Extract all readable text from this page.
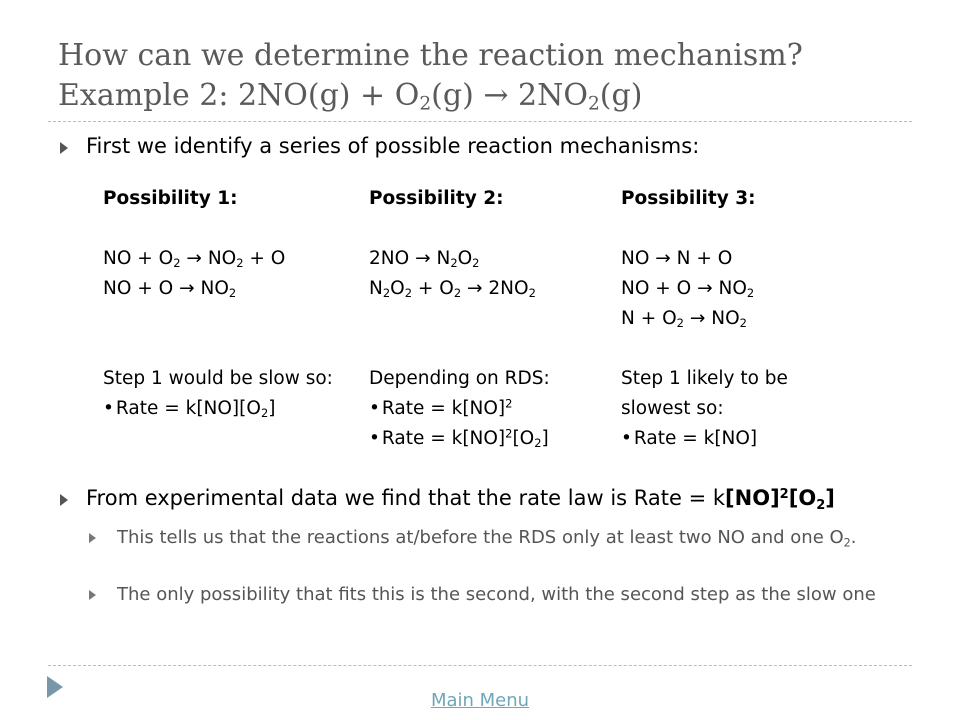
How can we determine the reaction mechanism?
Example 2: $2NO(g) + O_2(g) \to 2NO_2(g)$
First we identify a series of possible reaction mechanisms:
Possibility 1:
NO + $O_2 \to NO_2 + O$
NO + $O \to NO_2$
Step 1 would be slow so:
• Rate = $k[NO][O_2]$
Possibility 2:
$2NO \to N_2O_2$
$N_2O_2 + O_2 \to 2NO_2$
Depending on RDS:
• Rate = k[NO]$^2$
• Rate = $k[NO]^2[O_2]$
Possibility 3:
NO → N + O
NO + $O \to NO_2$
$N + O_2 \to NO_2$
Step 1 likely to be
slowest so:
• Rate = k[NO]
From experimental data we find that the rate law is Rate = $k[NO]^2[O_2]$
This tells us that the reactions at/before the RDS only at least two NO and one $O_2$.
The only possibility that fits this is the second, with the second step as the slow one
Main Menu
